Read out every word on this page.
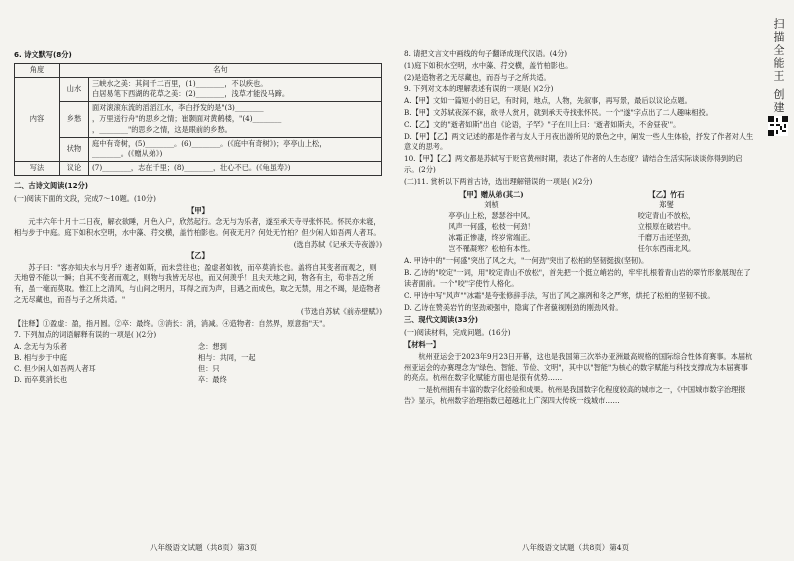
6. 诗文默写(8分)
角度	名句	
内容	山水	三峡水之美：其间千二百里，(1)________，不以疾也。
白居易笔下西湖的花草之美：(2)________，浅草才能没马蹄。

	乡愁	面对滚滚东流的滔滔江水，李白抒发的是"(3)________
，万里送行舟"的思乡之情；崔颢面对黄鹤楼，"(4)________
，________"的思乡之情，这是眼前的乡愁。

	状物	庭中有奇树，(5)________。(6)________。(《庭中有奇树》)；亭亭山上松，
________。(《赠从弟》)

写法	议论	(7)________，志在千里；(8)________，壮心不已。(《龟虽寿》)
二、古诗文阅读(12分)
(一)阅读下面的文段，完成7～10题。(10分)
【甲】
元丰六年十月十二日夜，解衣欲睡，月色入户，欣然起行。念无与为乐者，遂至承天寺寻张怀民。怀民亦未寝，相与步于中庭。庭下如积水空明，水中藻、荇交横，盖竹柏影也。何夜无月？何处无竹柏？但少闲人如吾两人者耳。
(选自苏轼《记承天寺夜游》)
【乙】
苏子曰："客亦知夫水与月乎？逝者如斯，而未尝往也；盈虚者如彼，而卒莫消长也。盖将自其变者而观之，则天地曾不能以一瞬；自其不变者而观之，则物与我皆无尽也，而又何羡乎！且夫天地之间，物各有主，苟非吾之所有，虽一毫而莫取。惟江上之清风，与山间之明月，耳得之而为声，目遇之而成色，取之无禁，用之不竭，是造物者之无尽藏也，而吾与子之所共适。"
(节选自苏轼《前赤壁赋》)
【注释】①盈虚：盈，指月圆。②卒：最终。③消长：消，消减。④造物者：自然界，原意指"天"。
7. 下列加点的词语解释有误的一项是( )(2分)
A. 念无与为乐者	念：想到
B. 相与步于中庭	相与：共同，一起
C. 但少闲人如吾两人者耳	但：只
D. 而卒莫消长也	卒：最终
八年级语文试题（共8页）第3页
8. 请把文言文中画线的句子翻译成现代汉语。(4分)
(1)庭下如积水空明，水中藻、荇交横，盖竹柏影也。
(2)是造物者之无尽藏也，而吾与子之所共适。
9. 下列对文本的理解表述有误的一项是( )(2分)
A.【甲】文如一篇短小的日记，有时间，地点，人物，先叙事，再写景，最后以议论点题。
B.【甲】文苏轼夜深不寐，欲寻人赏月，就到承天寺找张怀民。一个"遂"字点出了二人趣味相投。
C.【乙】文的"逝者如斯"出自《论语，子罕》"子在川上曰：'逝者如斯夫，不舍昼夜'"。
D.【甲】【乙】两文记述的都是作者与友人于月夜出游所见的景色之中，阐发一些人生体验，抒发了作者对人生意义的思考。
10.【甲】【乙】两文都是苏轼写于贬官黄州时期，表达了作者的人生态度？请结合生活实际谈谈你得到的启示。(2分)
(二)11. 赏析以下两首古诗，选出理解错误的一项是( )(2分)
【甲】赠从弟(其二)
刘桢
亭亭山上松，瑟瑟谷中风。
风声一何盛，松枝一何劲！
冰霜正惨凄，终岁常端正。
岂不罹凝寒？松柏有本性。
【乙】竹石
郑燮
咬定青山不放松，
立根原在破岩中。
千磨万击还坚劲，
任尔东西南北风。
A. 甲诗中的"一何盛"突出了风之大，"一何劲"突出了松柏的坚韧挺拔(坚韧)。
B. 乙诗的"咬定"一词，用"咬定青山不放松"，首先把一个挺立峭岩的，牢牢扎根着青山岩的翠竹形象展现在了读者面前。一个"咬"字使竹人格化。
C. 甲诗中写"风声""冰霜"是夸张修辞手法，写出了风之凛冽和冬之严寒，烘托了松柏的坚韧不拔。
D. 乙诗在赞美岩竹的坚劲顽强中，隐寓了作者藐视刚劲的刚劲风骨。
三、现代文阅读(33分)
(一)阅读材料，完成问题。(16分)
【材料一】
杭州亚运会于2023年9月23日开幕，这也是我国第三次举办亚洲最高规格的国际综合性体育赛事。本届杭州亚运会的办赛理念为"绿色、智能、节俭、文明"，其中以"智能"为核心的数字赋能与科技支撑成为本届赛事的亮点。杭州在数字化赋能方面也是很有优势……
一是杭州拥有丰富的数字化经验和成果。杭州是我国数字化程度较高的城市之一，《中国城市数字治理报告》显示，杭州数字治理指数已超越北上广深四大传统一线城市……
八年级语文试题（共8页）第4页
扫描全能王 创建
